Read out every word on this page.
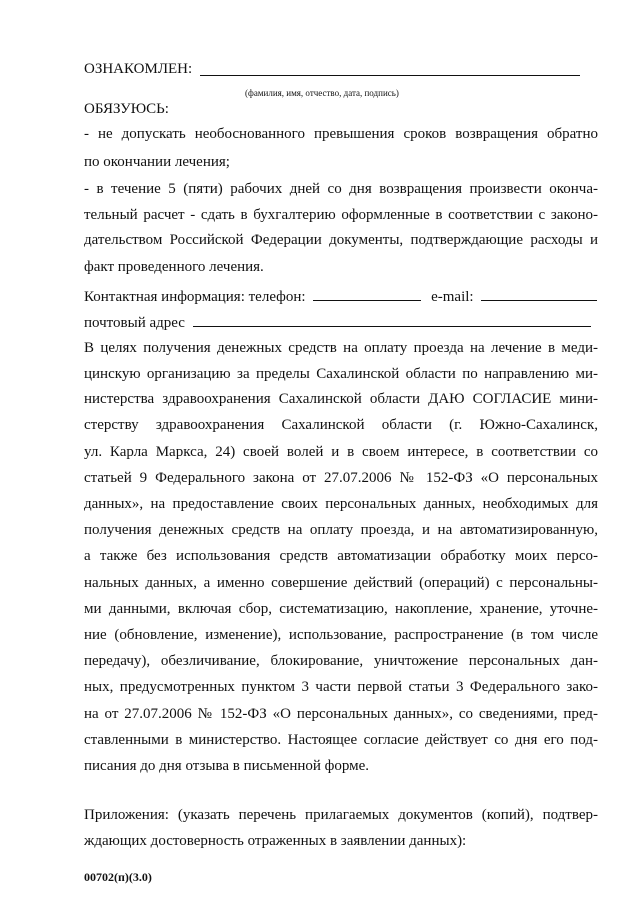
ОЗНАКОМЛЕН:
(фамилия, имя, отчество, дата, подпись)
ОБЯЗУЮСЬ:
- не допускать необоснованного превышения сроков возвращения обратно
по окончании лечения;
- в течение 5 (пяти) рабочих дней со дня возвращения произвести оконча-
тельный расчет - сдать в бухгалтерию оформленные в соответствии с законо-
дательством Российской Федерации документы, подтверждающие расходы и
факт проведенного лечения.
Контактная информация: телефон:	e-mail:
почтовый адрес
В целях получения денежных средств на оплату проезда на лечение в меди-
цинскую организацию за пределы Сахалинской области по направлению ми-
нистерства здравоохранения Сахалинской области ДАЮ СОГЛАСИЕ мини-
стерству здравоохранения Сахалинской области (г. Южно-Сахалинск,
ул. Карла Маркса, 24) своей волей и в своем интересе, в соответствии со
статьей 9 Федерального закона от 27.07.2006 № 152-ФЗ «О персональных
данных», на предоставление своих персональных данных, необходимых для
получения денежных средств на оплату проезда, и на автоматизированную,
а также без использования средств автоматизации обработку моих персо-
нальных данных, а именно совершение действий (операций) с персональны-
ми данными, включая сбор, систематизацию, накопление, хранение, уточне-
ние (обновление, изменение), использование, распространение (в том числе
передачу), обезличивание, блокирование, уничтожение персональных дан-
ных, предусмотренных пунктом 3 части первой статьи 3 Федерального зако-
на от 27.07.2006 № 152-ФЗ «О персональных данных», со сведениями, пред-
ставленными в министерство. Настоящее согласие действует со дня его под-
писания до дня отзыва в письменной форме.
Приложения: (указать перечень прилагаемых документов (копий), подтвер-
ждающих достоверность отраженных в заявлении данных):
00702(п)(3.0)
